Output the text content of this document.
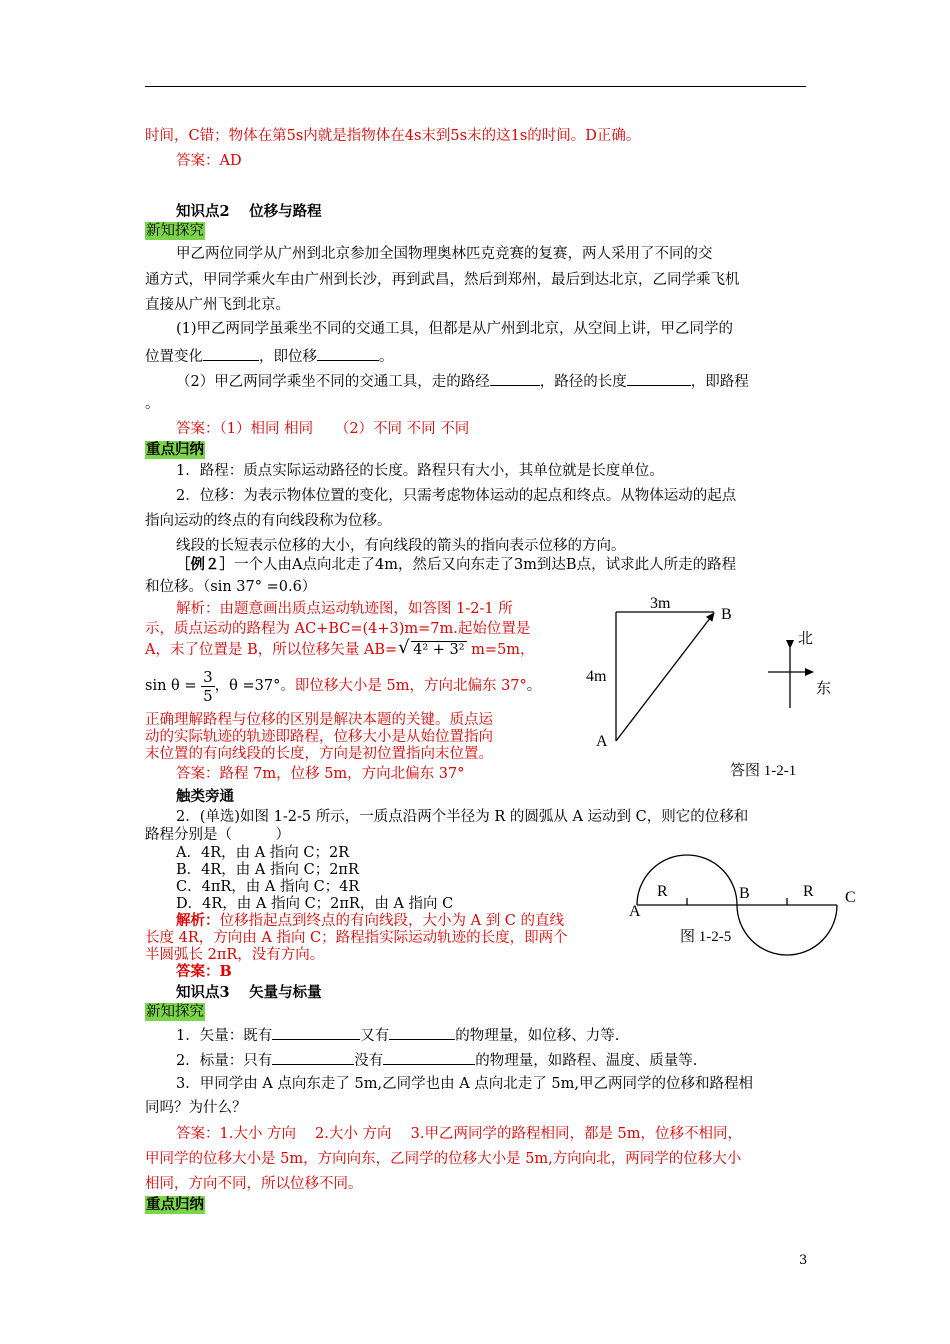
时间，C错；物体在第5s内就是指物体在4s末到5s末的这1s的时间。D正确。
答案：AD
知识点2　 位移与路程
新知探究
甲乙两位同学从广州到北京参加全国物理奥林匹克竞赛的复赛，两人采用了不同的交
通方式，甲同学乘火车由广州到长沙，再到武昌，然后到郑州，最后到达北京，乙同学乘飞机
直接从广州飞到北京。
(1)甲乙两同学虽乘坐不同的交通工具，但都是从广州到北京，从空间上讲，甲乙同学的
位置变化	，即位移	。
（2）甲乙两同学乘坐不同的交通工具，走的路经	，路径的长度	，即路程
。
答案：（1）相同 相同　　（2）不同 不同 不同
重点归纳
1．路程：质点实际运动路径的长度。路程只有大小，其单位就是长度单位。
2．位移：为表示物体位置的变化，只需考虑物体运动的起点和终点。从物体运动的起点
指向运动的终点的有向线段称为位移。
线段的长短表示位移的大小，有向线段的箭头的指向表示位移的方向。
［例２］一个人由A点向北走了4m，然后又向东走了3m到达B点，试求此人所走的路程
和位移。（sin 37° =0.6）
解析：由题意画出质点运动轨迹图，如答图 1-2-1 所
示，质点运动的路程为 AC+BC=(4+3)m=7m.起始位置是
A，末了位置是 B，所以位移矢量 AB= √ 4² + 3² m=5m，
$\sin \theta = \frac{3}{5}$ ，θ =37°。即位移大小是 5m，方向北偏东 37°。
正确理解路程与位移的区别是解决本题的关键。质点运
动的实际轨迹的轨迹即路程，位移大小是从始位置指向
末位置的有向线段的长度，方向是初位置指向末位置。
答案：路程 7m，位移 5m，方向北偏东 37°
3m
4m
A
B
北
东
答图 1-2-1
触类旁通
2．(单选)如图 1-2-5 所示，一质点沿两个半径为 R 的圆弧从 A 运动到 C，则它的位移和
路程分别是（　　　）
A．4R，由 A 指向 C；2R
B．4R，由 A 指向 C；2πR
C．4πR，由 A 指向 C；4R
D．4R，由 A 指向 C；2πR，由 A 指向 C
解析：位移指起点到终点的有向线段，大小为 A 到 C 的直线
长度 4R，方向由 A 指向 C；路程指实际运动轨迹的长度，即两个
半圆弧长 2πR，没有方向。
答案：B
A
B	C
R	R
图 1-2-5
知识点3　 矢量与标量
新知探究
1．矢量：既有	又有	的物理量，如位移、力等.
2．标量：只有	没有	的物理量，如路程、温度、质量等.
3．甲同学由 A 点向东走了 5m,乙同学也由 A 点向北走了 5m,甲乙两同学的位移和路程相
同吗？为什么？
答案：1.大小 方向　 2.大小 方向　 3.甲乙两同学的路程相同，都是 5m，位移不相同，
甲同学的位移大小是 5m，方向向东，乙同学的位移大小是 5m,方向向北，两同学的位移大小
相同，方向不同，所以位移不同。
重点归纳
3
